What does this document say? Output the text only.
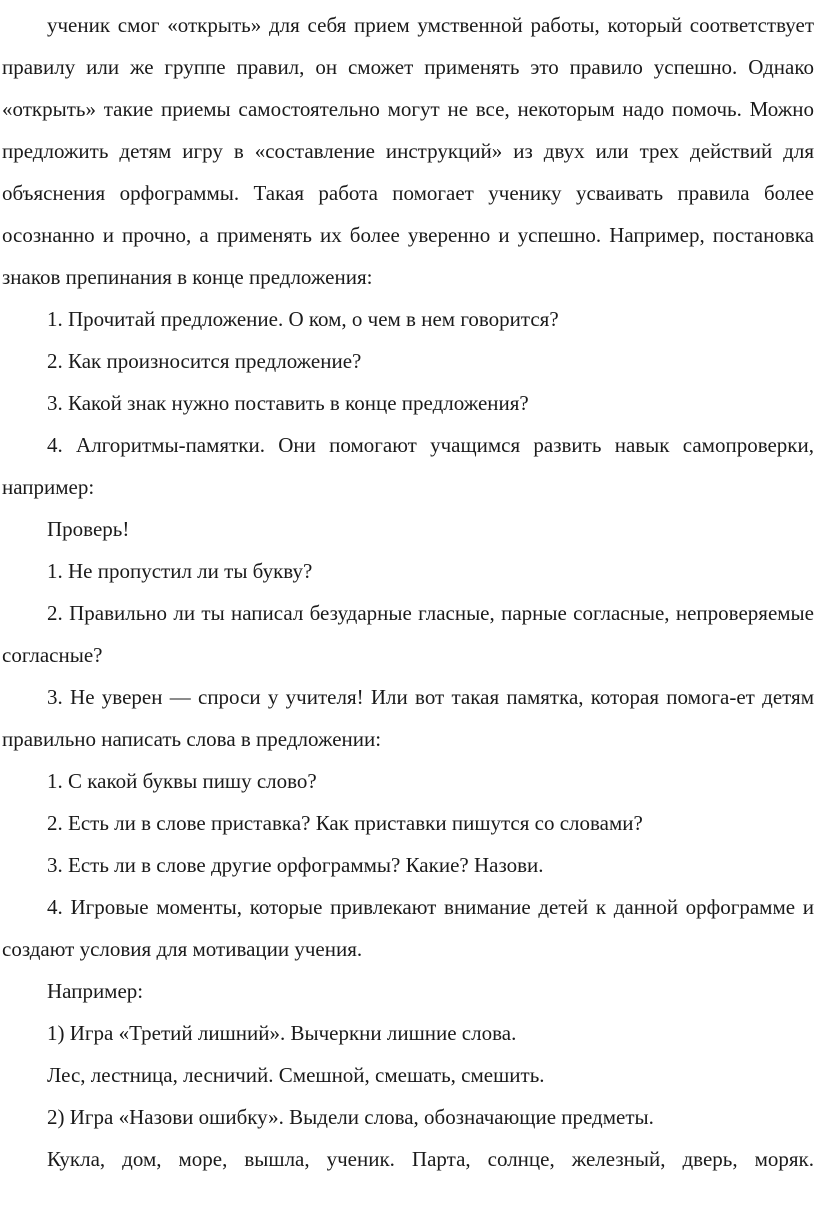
ученик смог «открыть» для себя прием умственной работы, который соответствует правилу или же группе правил, он сможет применять это правило успешно. Однако «открыть» такие приемы самостоятельно могут не все, некоторым надо помочь. Можно предложить детям игру в «составление инструкций» из двух или трех действий для объяснения орфограммы. Такая работа помогает ученику усваивать правила более осознанно и прочно, а применять их более уверенно и успешно. Например, постановка знаков препинания в конце предложения:

1. Прочитай предложение. О ком, о чем в нем говорится?

2. Как произносится предложение?

3. Какой знак нужно поставить в конце предложения?

4. Алгоритмы-памятки. Они помогают учащимся развить навык самопроверки, например:

Проверь!

1. Не пропустил ли ты букву?

2. Правильно ли ты написал безударные гласные, парные согласные, непроверяемые согласные?

3. Не уверен — спроси у учителя! Или вот такая памятка, которая помога-ет детям правильно написать слова в предложении:

1. С какой буквы пишу слово?

2. Есть ли в слове приставка? Как приставки пишутся со словами?

3. Есть ли в слове другие орфограммы? Какие? Назови.

4. Игровые моменты, которые привлекают внимание детей к данной орфограмме и создают условия для мотивации учения.

Например:

1) Игра «Третий лишний». Вычеркни лишние слова.

Лес, лестница, лесничий. Смешной, смешать, смешить.

2) Игра «Назови ошибку». Выдели слова, обозначающие предметы.

Кукла, дом, море, вышла, ученик. Парта, солнце, железный, дверь, моряк.
